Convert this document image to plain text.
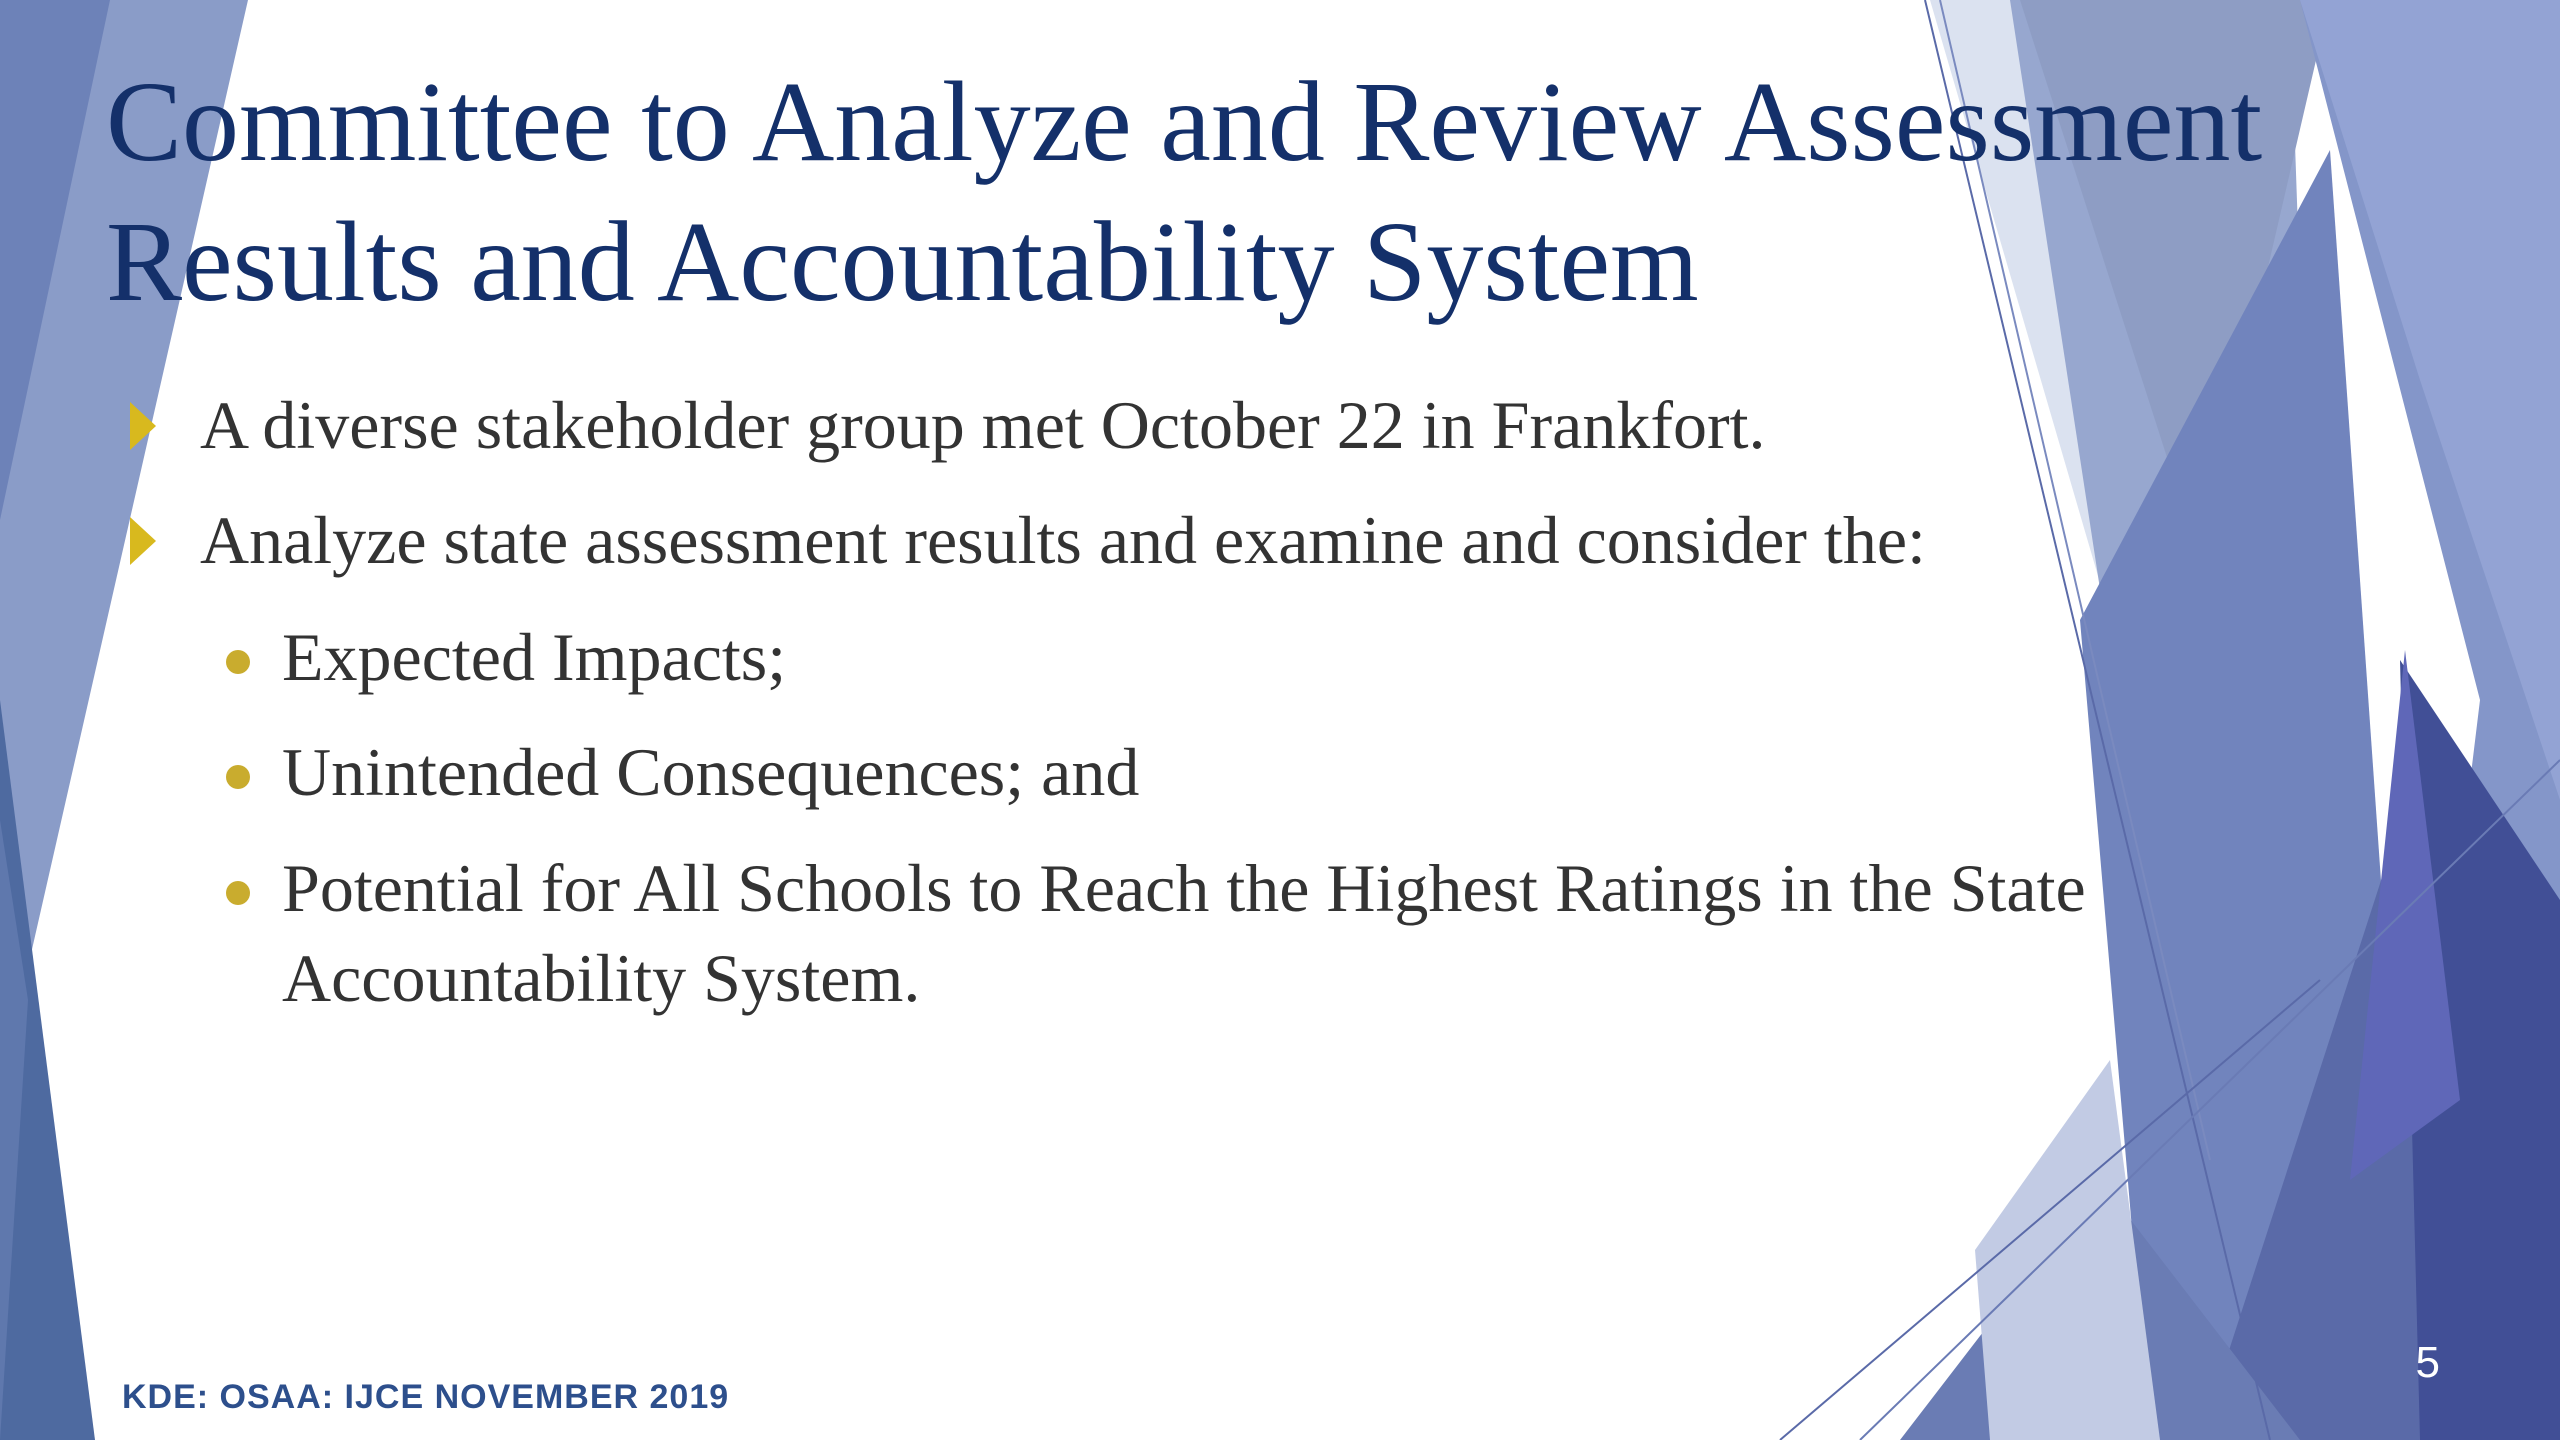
Committee to Analyze and Review Assessment Results and Accountability System
A diverse stakeholder group met October 22 in Frankfort.
Analyze state assessment results and examine and consider the:
Expected Impacts;
Unintended Consequences; and
Potential for All Schools to Reach the Highest Ratings in the State Accountability System.
KDE: OSAA: IJCE NOVEMBER 2019
5
